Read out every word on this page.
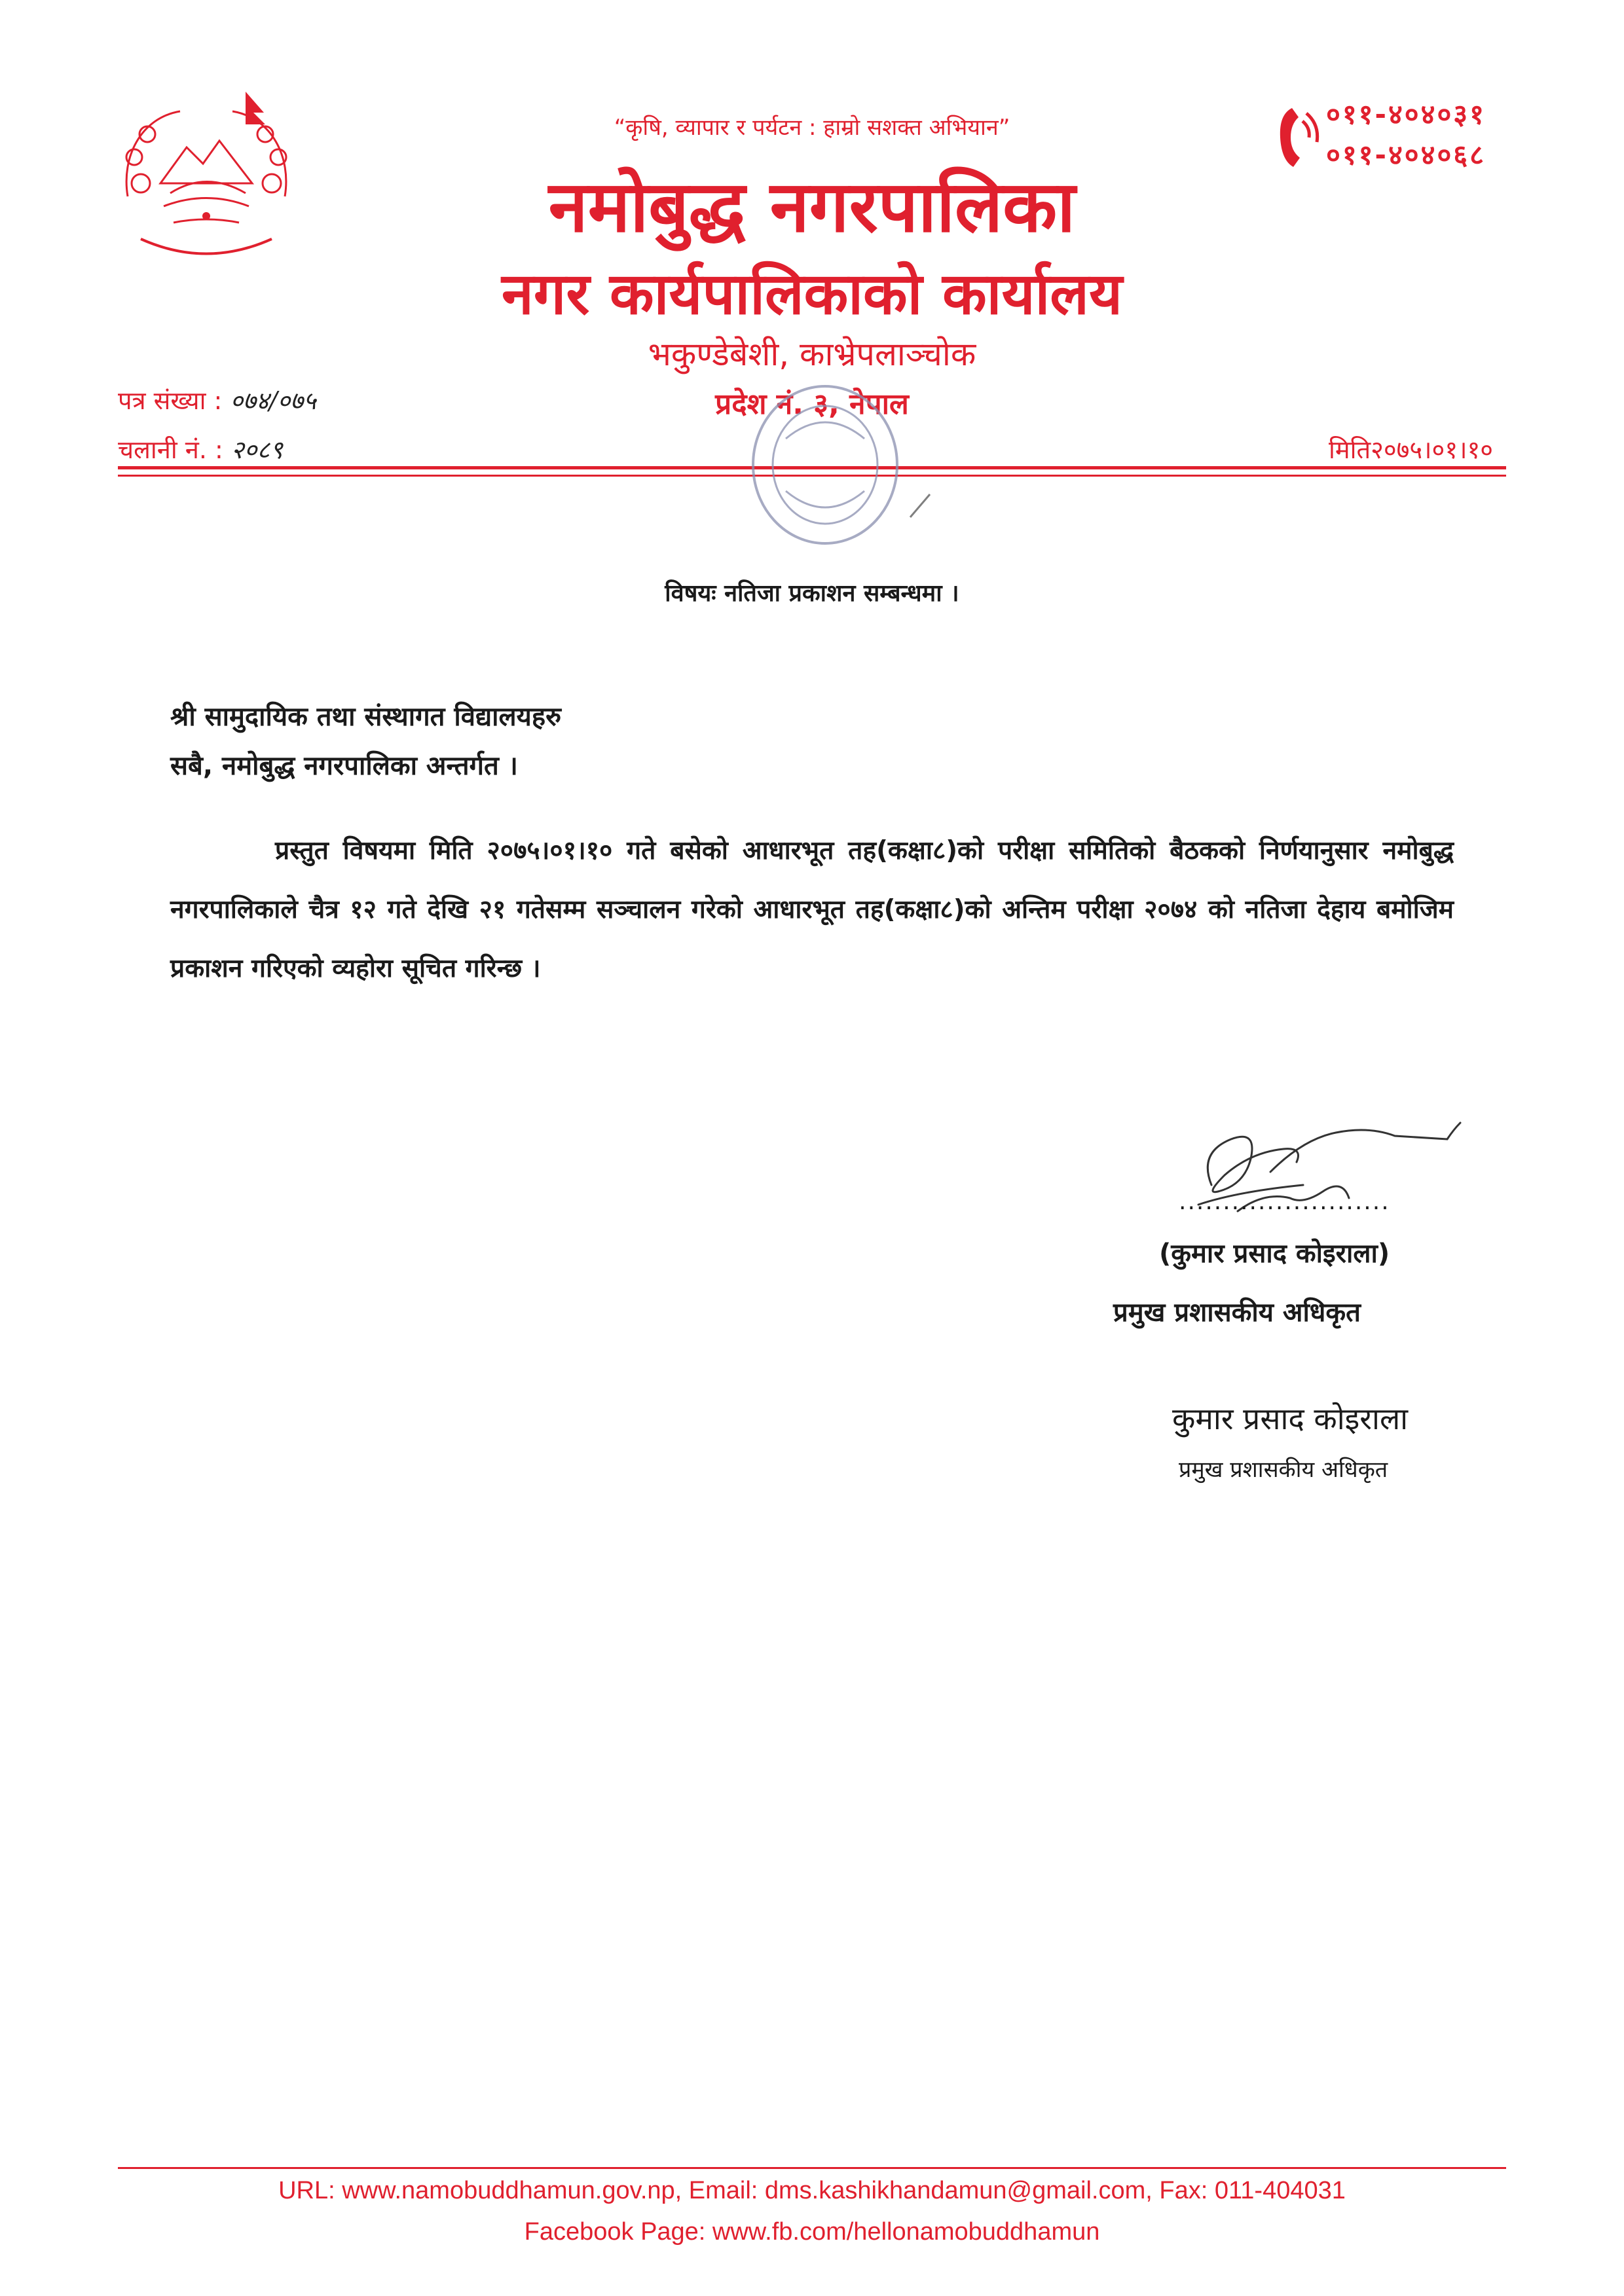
“कृषि, व्यापार र पर्यटन : हाम्रो सशक्त अभियान”	०११-४०४०३१
०११-४०४०६८
नमोबुद्ध नगरपालिका
नगर कार्यपालिकाको कार्यालय
भकुण्डेबेशी, काभ्रेपलाञ्चोक
प्रदेश नं. ३, नेपाल
पत्र संख्या : ०७४/०७५
चलानी नं. : २०८९	मिति२०७५।०१।१०
विषयः नतिजा प्रकाशन सम्बन्धमा ।
श्री सामुदायिक तथा संस्थागत विद्यालयहरु
सबै, नमोबुद्ध नगरपालिका अन्तर्गत ।
प्रस्तुत विषयमा मिति २०७५।०१।१० गते बसेको आधारभूत तह(कक्षा८)को परीक्षा समितिको बैठकको निर्णयानुसार नमोबुद्ध नगरपालिकाले चैत्र १२ गते देखि २१ गतेसम्म सञ्चालन गरेको आधारभूत तह(कक्षा८)को अन्तिम परीक्षा २०७४ को नतिजा देहाय बमोजिम प्रकाशन गरिएको व्यहोरा सूचित गरिन्छ ।
........................
(कुमार प्रसाद कोइराला)
प्रमुख प्रशासकीय अधिकृत
कुमार प्रसाद कोइराला
प्रमुख प्रशासकीय अधिकृत
URL: www.namobuddhamun.gov.np, Email: dms.kashikhandamun@gmail.com, Fax: 011-404031
Facebook Page: www.fb.com/hellonamobuddhamun
